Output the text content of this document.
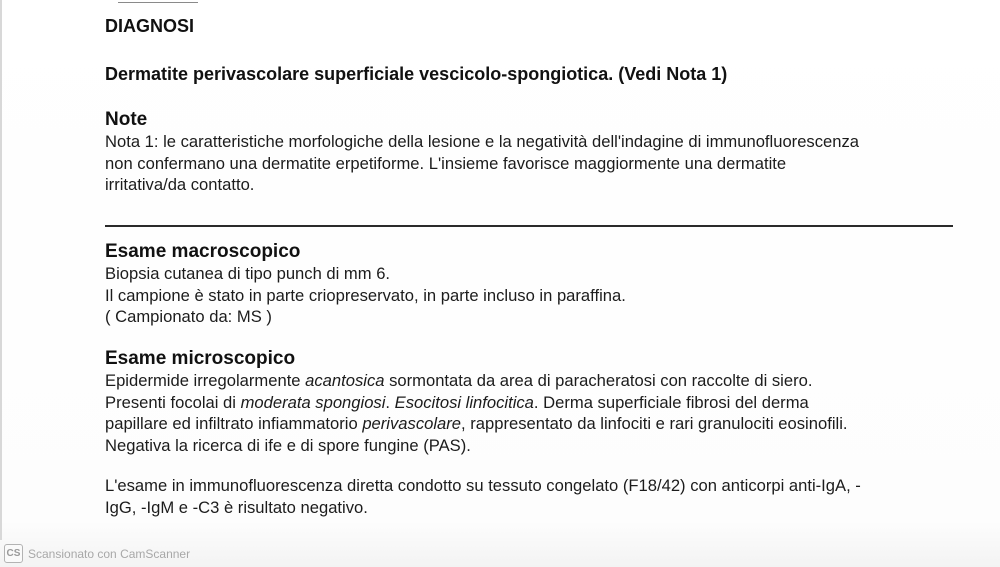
DIAGNOSI
Dermatite perivascolare superficiale vescicolo-spongiotica. (Vedi Nota 1)
Note
Nota 1: le caratteristiche morfologiche della lesione e la negatività dell'indagine di immunofluorescenza
non confermano una dermatite erpetiforme. L'insieme favorisce maggiormente una dermatite
irritativa/da contatto.
Esame macroscopico
Biopsia cutanea di tipo punch di mm 6.
Il campione è stato in parte criopreservato, in parte incluso in paraffina.
( Campionato da: MS )
Esame microscopico
Epidermide irregolarmente acantosica sormontata da area di paracheratosi con raccolte di siero.
Presenti focolai di moderata spongiosi. Esocitosi linfocitica. Derma superficiale fibrosi del derma
papillare ed infiltrato infiammatorio perivascolare, rappresentato da linfociti e rari granulociti eosinofili.
Negativa la ricerca di ife e di spore fungine (PAS).
L'esame in immunofluorescenza diretta condotto su tessuto congelato (F18/42) con anticorpi anti-IgA, -
IgG, -IgM e -C3 è risultato negativo.
CS Scansionato con CamScanner
